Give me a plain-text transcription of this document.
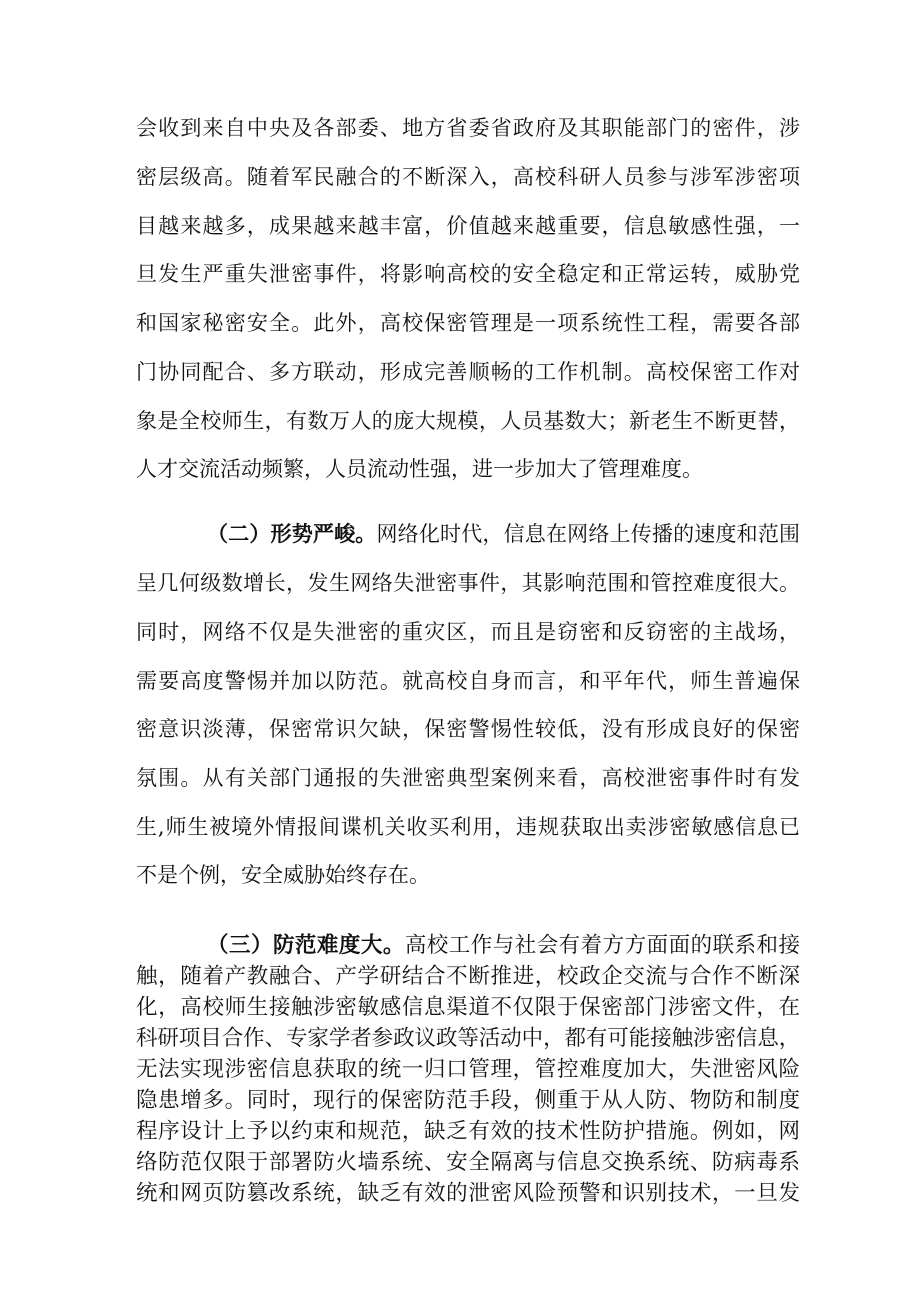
会收到来自中央及各部委、地方省委省政府及其职能部门的密件，涉
密层级高。随着军民融合的不断深入，高校科研人员参与涉军涉密项
目越来越多，成果越来越丰富，价值越来越重要，信息敏感性强，一
旦发生严重失泄密事件，将影响高校的安全稳定和正常运转，威胁党
和国家秘密安全。此外，高校保密管理是一项系统性工程，需要各部
门协同配合、多方联动，形成完善顺畅的工作机制。高校保密工作对
象是全校师生，有数万人的庞大规模，人员基数大；新老生不断更替，
人才交流活动频繁，人员流动性强，进一步加大了管理难度。
（二）形势严峻。网络化时代，信息在网络上传播的速度和范围
呈几何级数增长，发生网络失泄密事件，其影响范围和管控难度很大。
同时，网络不仅是失泄密的重灾区，而且是窃密和反窃密的主战场，
需要高度警惕并加以防范。就高校自身而言，和平年代，师生普遍保
密意识淡薄，保密常识欠缺，保密警惕性较低，没有形成良好的保密
氛围。从有关部门通报的失泄密典型案例来看，高校泄密事件时有发
生,师生被境外情报间谍机关收买利用，违规获取出卖涉密敏感信息已
不是个例，安全威胁始终存在。
（三）防范难度大。高校工作与社会有着方方面面的联系和接
触，随着产教融合、产学研结合不断推进，校政企交流与合作不断深
化，高校师生接触涉密敏感信息渠道不仅限于保密部门涉密文件，在
科研项目合作、专家学者参政议政等活动中，都有可能接触涉密信息，
无法实现涉密信息获取的统一归口管理，管控难度加大，失泄密风险
隐患增多。同时，现行的保密防范手段，侧重于从人防、物防和制度
程序设计上予以约束和规范，缺乏有效的技术性防护措施。例如，网
络防范仅限于部署防火墙系统、安全隔离与信息交换系统、防病毒系
统和网页防篡改系统，缺乏有效的泄密风险预警和识别技术，一旦发
